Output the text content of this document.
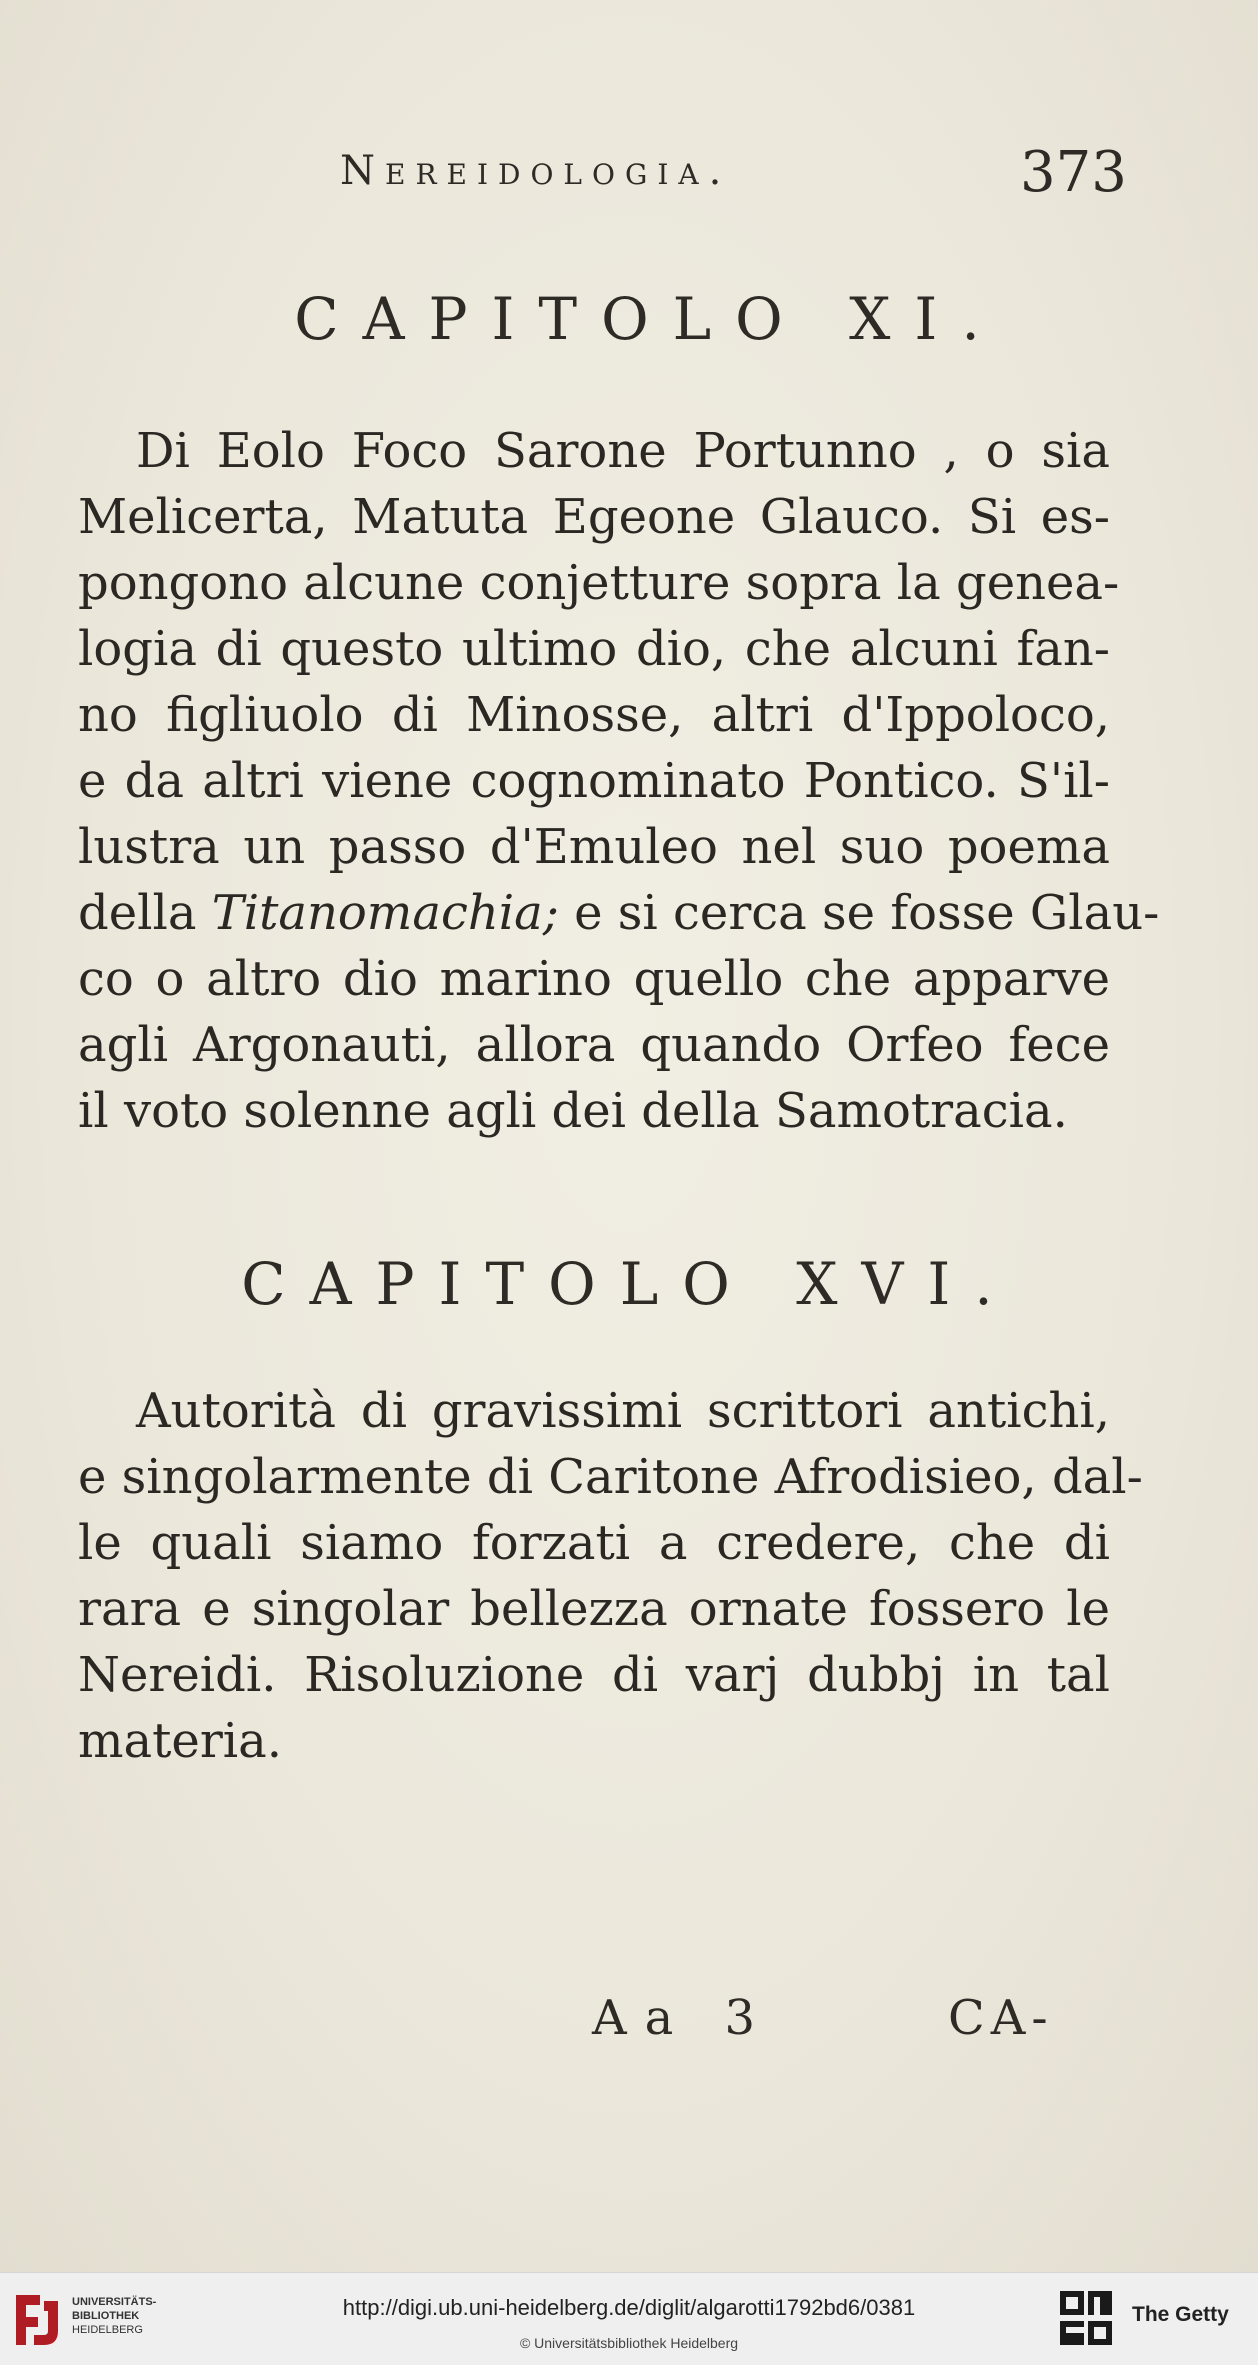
Nereidologia.	373
CAPITOLO XI.
Di Eolo Foco Sarone Portunno , o sia
Melicerta, Matuta Egeone Glauco. Si es-
pongono alcune conjetture sopra la genea-
logia di questo ultimo dio, che alcuni fan-
no figliuolo di Minosse, altri d'Ippoloco,
e da altri viene cognominato Pontico. S'il-
lustra un passo d'Emuleo nel suo poema
della Titanomachia; e si cerca se fosse Glau-
co o altro dio marino quello che apparve
agli Argonauti, allora quando Orfeo fece
il voto solenne agli dei della Samotracia.
CAPITOLO XVI.
Autorità di gravissimi scrittori antichi,
e singolarmente di Caritone Afrodisieo, dal-
le quali siamo forzati a credere, che di
rara e singolar bellezza ornate fossero le
Nereidi. Risoluzione di varj dubbj in tal
materia.
Aa 3	CA-
UNIVERSITÄTS-
BIBLIOTHEK
HEIDELBERG
http://digi.ub.uni-heidelberg.de/diglit/algarotti1792bd6/0381
© Universitätsbibliothek Heidelberg
The Getty
